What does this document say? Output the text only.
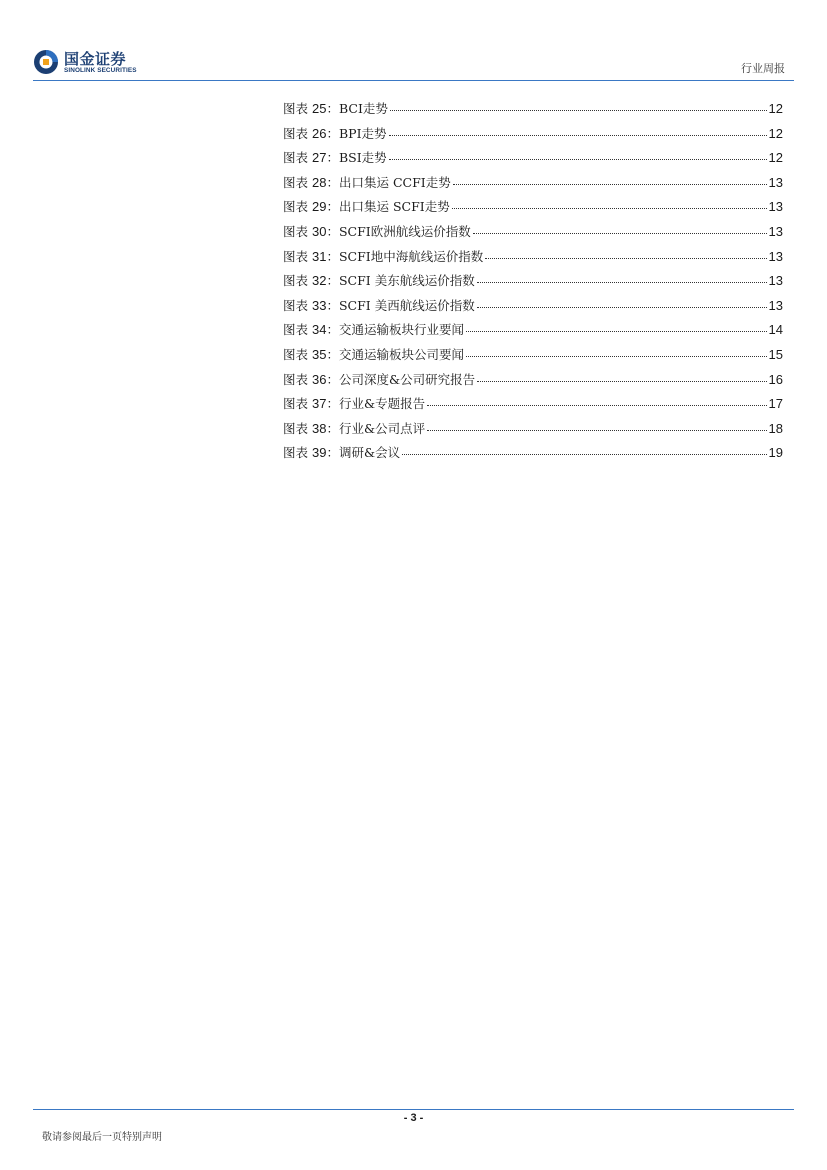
国金证券
SINOLINK SECURITIES	行业周报
图表 25：BCI走势	12
图表 26：BPI走势	12
图表 27：BSI走势	12
图表 28：出口集运 CCFI走势	13
图表 29：出口集运 SCFI走势	13
图表 30：SCFI欧洲航线运价指数	13
图表 31：SCFI地中海航线运价指数	13
图表 32：SCFI 美东航线运价指数	13
图表 33：SCFI 美西航线运价指数	13
图表 34：交通运输板块行业要闻	14
图表 35：交通运输板块公司要闻	15
图表 36：公司深度&公司研究报告	16
图表 37：行业&专题报告	17
图表 38：行业&公司点评	18
图表 39：调研&会议	19
- 3 -
敬请参阅最后一页特别声明
